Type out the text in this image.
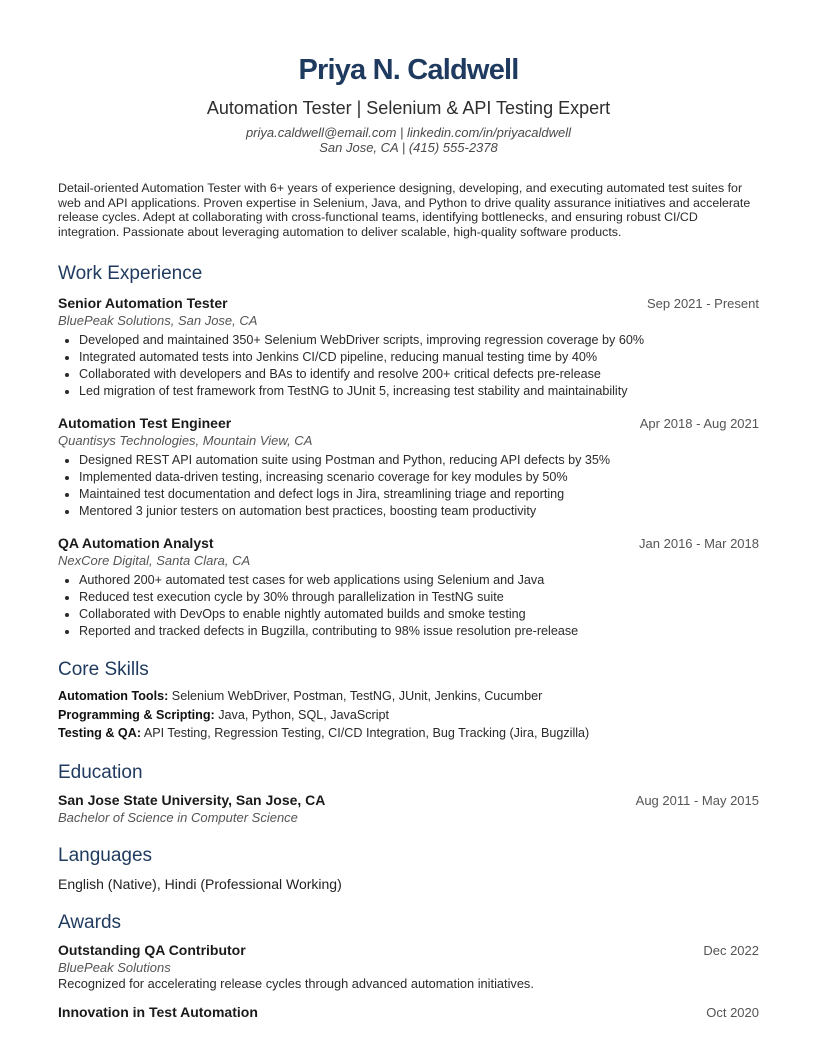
Priya N. Caldwell
Automation Tester | Selenium & API Testing Expert
priya.caldwell@email.com | linkedin.com/in/priyacaldwell
San Jose, CA | (415) 555-2378
Detail-oriented Automation Tester with 6+ years of experience designing, developing, and executing automated test suites for web and API applications. Proven expertise in Selenium, Java, and Python to drive quality assurance initiatives and accelerate release cycles. Adept at collaborating with cross-functional teams, identifying bottlenecks, and ensuring robust CI/CD integration. Passionate about leveraging automation to deliver scalable, high-quality software products.
Work Experience
Senior Automation Tester	Sep 2021 - Present
BluePeak Solutions, San Jose, CA
• Developed and maintained 350+ Selenium WebDriver scripts, improving regression coverage by 60%
• Integrated automated tests into Jenkins CI/CD pipeline, reducing manual testing time by 40%
• Collaborated with developers and BAs to identify and resolve 200+ critical defects pre-release
• Led migration of test framework from TestNG to JUnit 5, increasing test stability and maintainability
Automation Test Engineer	Apr 2018 - Aug 2021
Quantisys Technologies, Mountain View, CA
• Designed REST API automation suite using Postman and Python, reducing API defects by 35%
• Implemented data-driven testing, increasing scenario coverage for key modules by 50%
• Maintained test documentation and defect logs in Jira, streamlining triage and reporting
• Mentored 3 junior testers on automation best practices, boosting team productivity
QA Automation Analyst	Jan 2016 - Mar 2018
NexCore Digital, Santa Clara, CA
• Authored 200+ automated test cases for web applications using Selenium and Java
• Reduced test execution cycle by 30% through parallelization in TestNG suite
• Collaborated with DevOps to enable nightly automated builds and smoke testing
• Reported and tracked defects in Bugzilla, contributing to 98% issue resolution pre-release
Core Skills
Automation Tools: Selenium WebDriver, Postman, TestNG, JUnit, Jenkins, Cucumber
Programming & Scripting: Java, Python, SQL, JavaScript
Testing & QA: API Testing, Regression Testing, CI/CD Integration, Bug Tracking (Jira, Bugzilla)
Education
San Jose State University, San Jose, CA	Aug 2011 - May 2015
Bachelor of Science in Computer Science
Languages
English (Native), Hindi (Professional Working)
Awards
Outstanding QA Contributor	Dec 2022
BluePeak Solutions
Recognized for accelerating release cycles through advanced automation initiatives.
Innovation in Test Automation	Oct 2020
